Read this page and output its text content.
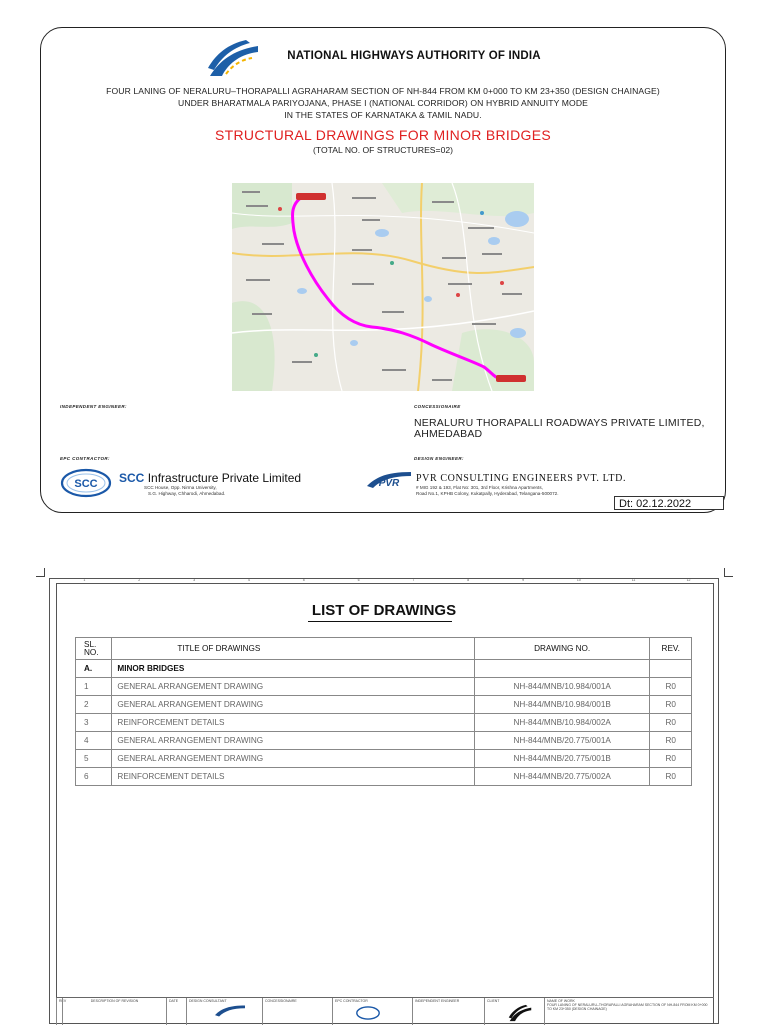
NATIONAL HIGHWAYS AUTHORITY OF INDIA
FOUR LANING OF NERALURU–THORAPALLI AGRAHARAM SECTION OF NH-844 FROM KM 0+000 TO KM 23+350 (DESIGN CHAINAGE)
UNDER BHARATMALA PARIYOJANA, PHASE I (NATIONAL CORRIDOR) ON HYBRID ANNUITY MODE
IN THE STATES OF KARNATAKA & TAMIL NADU.
STRUCTURAL DRAWINGS FOR MINOR BRIDGES
(TOTAL NO. OF STRUCTURES=02)
INDEPENDENT ENGINEER:	CONCESSIONAIRE
NERALURU THORAPALLI ROADWAYS PRIVATE LIMITED,
AHMEDABAD
EPC CONTRACTOR:	DESIGN ENGINEER:
SCC SCC Infrastructure Private Limited
SCC House, Opp. Nirma University,
S.G. Highway, Chharodi, Ahmedabad.
PVR PVR CONSULTING ENGINEERS PVT. LTD.
# MIG 192 & 193, Flat No: 301, 3rd Floor, Krishna Apartments,
Road No.1, KPHB Colony, Kukatpally, Hyderabad, Telangana-500072.
Dt: 02.12.2022
1	2	3	4	5	6	7	8	9	10	11	12
LIST OF DRAWINGS
SL.
NO.	TITLE OF DRAWINGS	DRAWING NO.	REV.
A.	MINOR BRIDGES		
1	GENERAL ARRANGEMENT DRAWING	NH-844/MNB/10.984/001A	R0
2	GENERAL ARRANGEMENT DRAWING	NH-844/MNB/10.984/001B	R0
3	REINFORCEMENT DETAILS	NH-844/MNB/10.984/002A	R0
4	GENERAL ARRANGEMENT DRAWING	NH-844/MNB/20.775/001A	R0
5	GENERAL ARRANGEMENT DRAWING	NH-844/MNB/20.775/001B	R0
6	REINFORCEMENT DETAILS	NH-844/MNB/20.775/002A	R0
REV	DESCRIPTION OF REVISION	DATE	DESIGN CONSULTANT	CONCESSIONAIRE	EPC CONTRACTOR	INDEPENDENT ENGINEER	CLIENT	NAME OF WORK
FOUR LANING OF NERALURU–THORAPALLI AGRAHARAM SECTION OF NH-844 FROM KM 0+000 TO KM 23+350 (DESIGN CHAINAGE)
